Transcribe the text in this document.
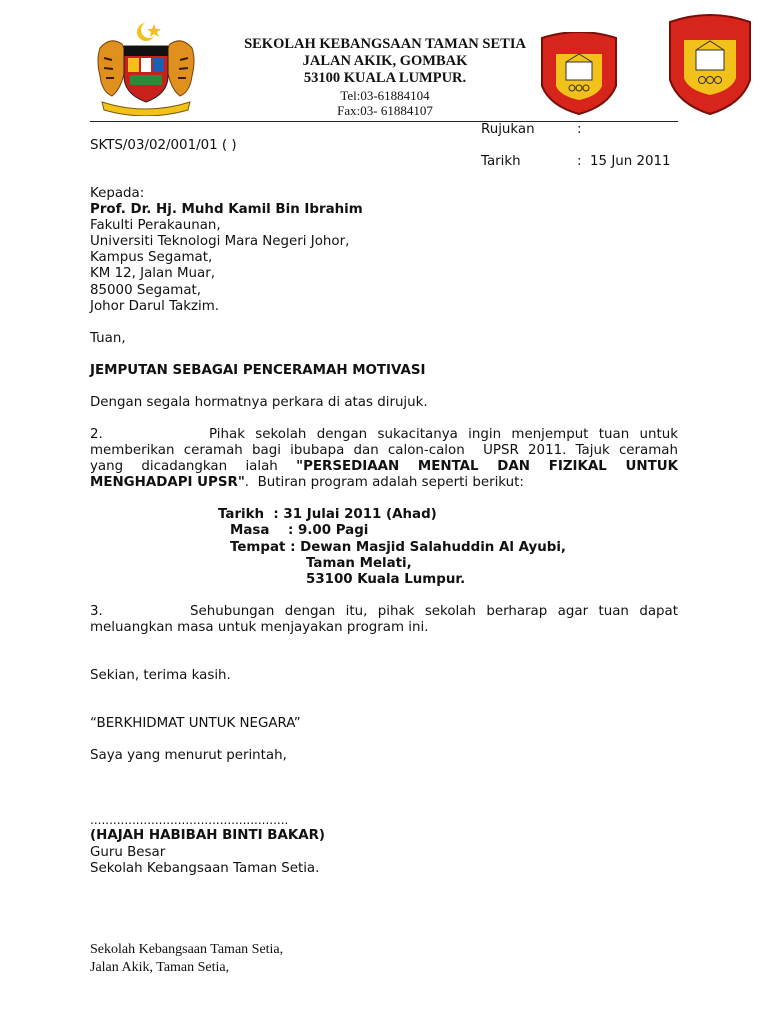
SEKOLAH KEBANGSAAN TAMAN SETIA
JALAN AKIK, GOMBAK
53100 KUALA LUMPUR.
Tel:03-61884104
Fax:03- 61884107
Rujukan	:
SKTS/03/02/001/01 ( )
Tarikh	:  15 Jun 2011
Kepada:
Prof. Dr. Hj. Muhd Kamil Bin Ibrahim
Fakulti Perakaunan,
Universiti Teknologi Mara Negeri Johor,
Kampus Segamat,
KM 12, Jalan Muar,
85000 Segamat,
Johor Darul Takzim.
Tuan,
JEMPUTAN SEBAGAI PENCERAMAH MOTIVASI
Dengan segala hormatnya perkara di atas dirujuk.
2.	Pihak sekolah dengan sukacitanya ingin menjemput tuan untuk
memberikan ceramah bagi ibubapa dan calon-calon  UPSR 2011. Tajuk ceramah
yang dicadangkan ialah "PERSEDIAAN MENTAL DAN FIZIKAL UNTUK
MENGHADAPI UPSR".  Butiran program adalah seperti berikut:
Tarikh  : 31 Julai 2011 (Ahad)
Masa    : 9.00 Pagi
Tempat : Dewan Masjid Salahuddin Al Ayubi,
Taman Melati,
53100 Kuala Lumpur.
3.	Sehubungan dengan itu, pihak sekolah berharap agar tuan dapat
meluangkan masa untuk menjayakan program ini.
Sekian, terima kasih.
“BERKHIDMAT UNTUK NEGARA”
Saya yang menurut perintah,
....................................................
(HAJAH HABIBAH BINTI BAKAR)
Guru Besar
Sekolah Kebangsaan Taman Setia.
Sekolah Kebangsaan Taman Setia,
Jalan Akik, Taman Setia,
